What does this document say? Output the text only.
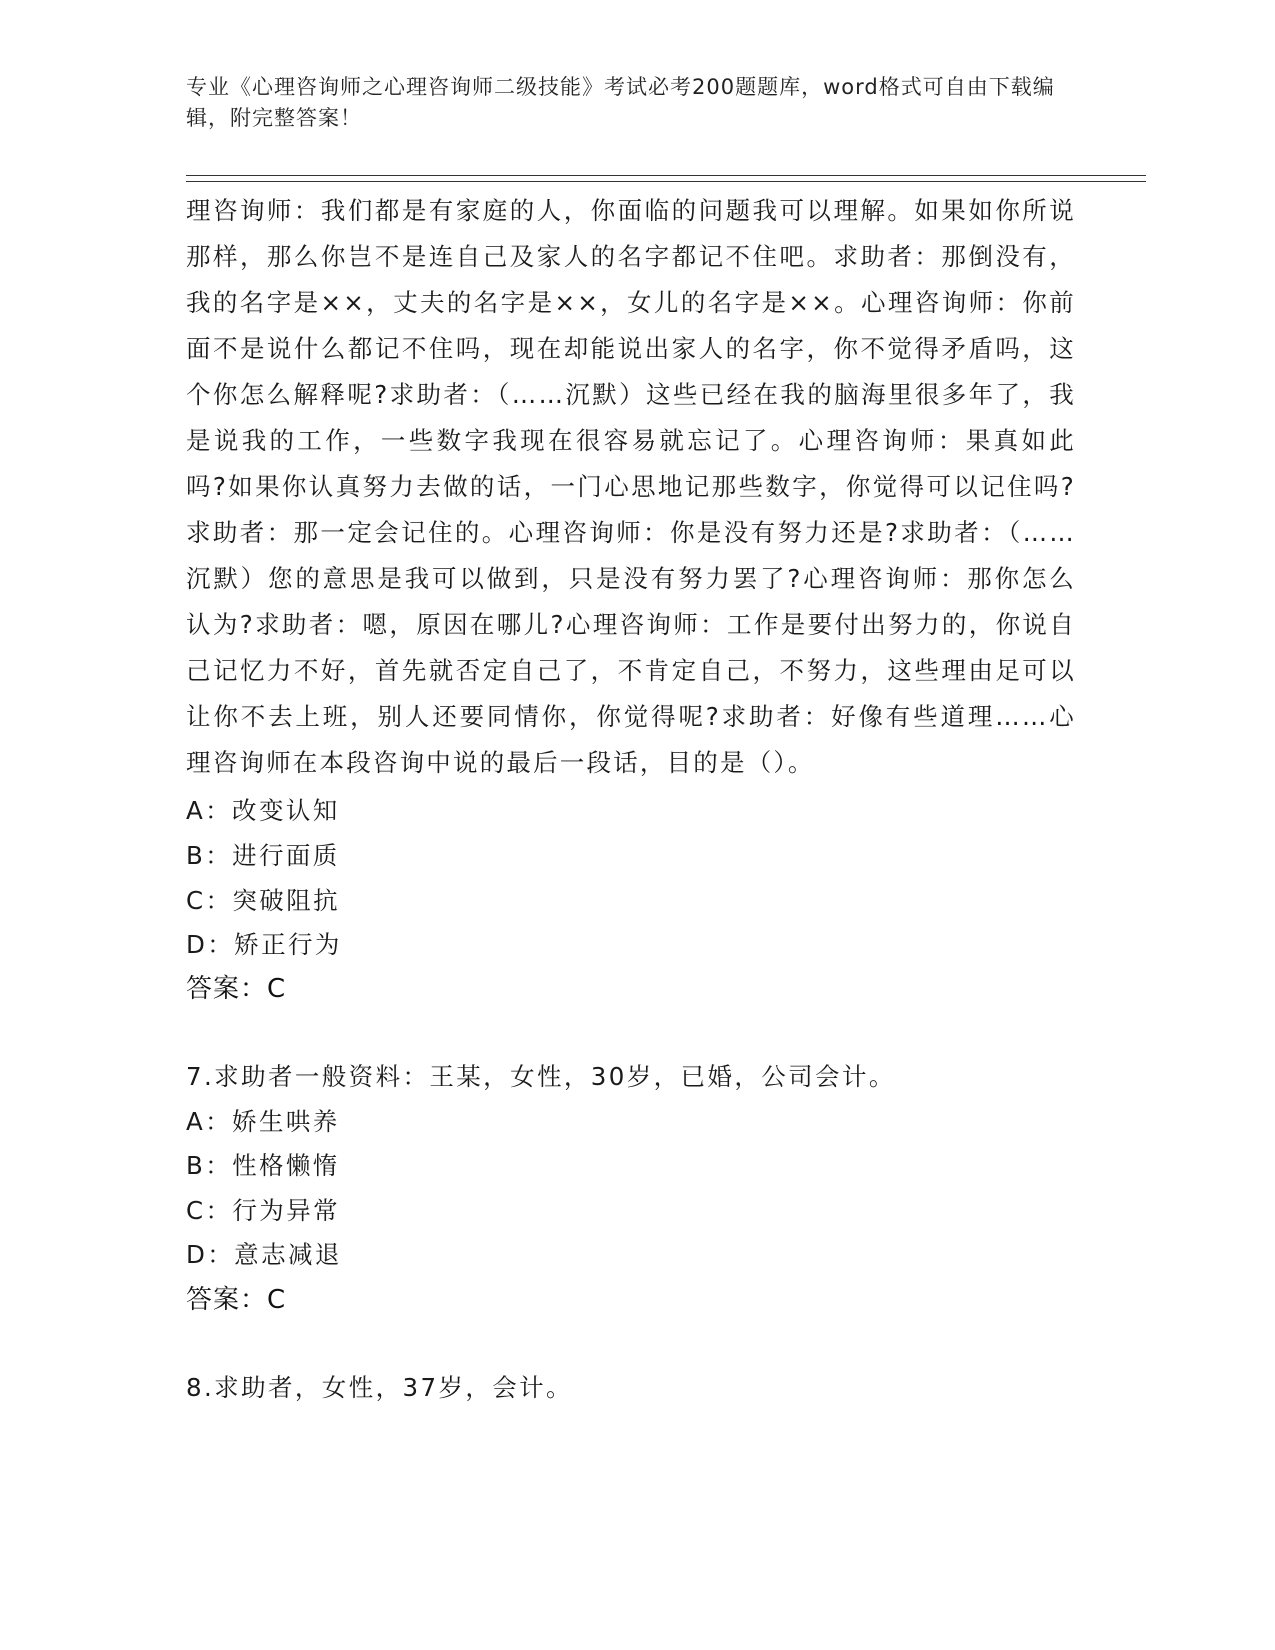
专业《心理咨询师之心理咨询师二级技能》考试必考200题题库，word格式可自由下载编辑，附完整答案！

理咨询师：我们都是有家庭的人，你面临的问题我可以理解。如果如你所说那样，那么你岂不是连自己及家人的名字都记不住吧。求助者：那倒没有，我的名字是××，丈夫的名字是××，女儿的名字是××。心理咨询师：你前面不是说什么都记不住吗，现在却能说出家人的名字，你不觉得矛盾吗，这个你怎么解释呢?求助者：（……沉默）这些已经在我的脑海里很多年了，我是说我的工作，一些数字我现在很容易就忘记了。心理咨询师：果真如此吗?如果你认真努力去做的话，一门心思地记那些数字，你觉得可以记住吗?求助者：那一定会记住的。心理咨询师：你是没有努力还是?求助者：（……沉默）您的意思是我可以做到，只是没有努力罢了?心理咨询师：那你怎么认为?求助者：嗯，原因在哪儿?心理咨询师：工作是要付出努力的，你说自己记忆力不好，首先就否定自己了，不肯定自己，不努力，这些理由足可以让你不去上班，别人还要同情你，你觉得呢?求助者：好像有些道理……心理咨询师在本段咨询中说的最后一段话，目的是（）。

A：改变认知

B：进行面质

C：突破阻抗

D：矫正行为

答案：C

7.求助者一般资料：王某，女性，30岁，已婚，公司会计。

A：娇生哄养

B：性格懒惰

C：行为异常

D：意志减退

答案：C

8.求助者，女性，37岁，会计。
